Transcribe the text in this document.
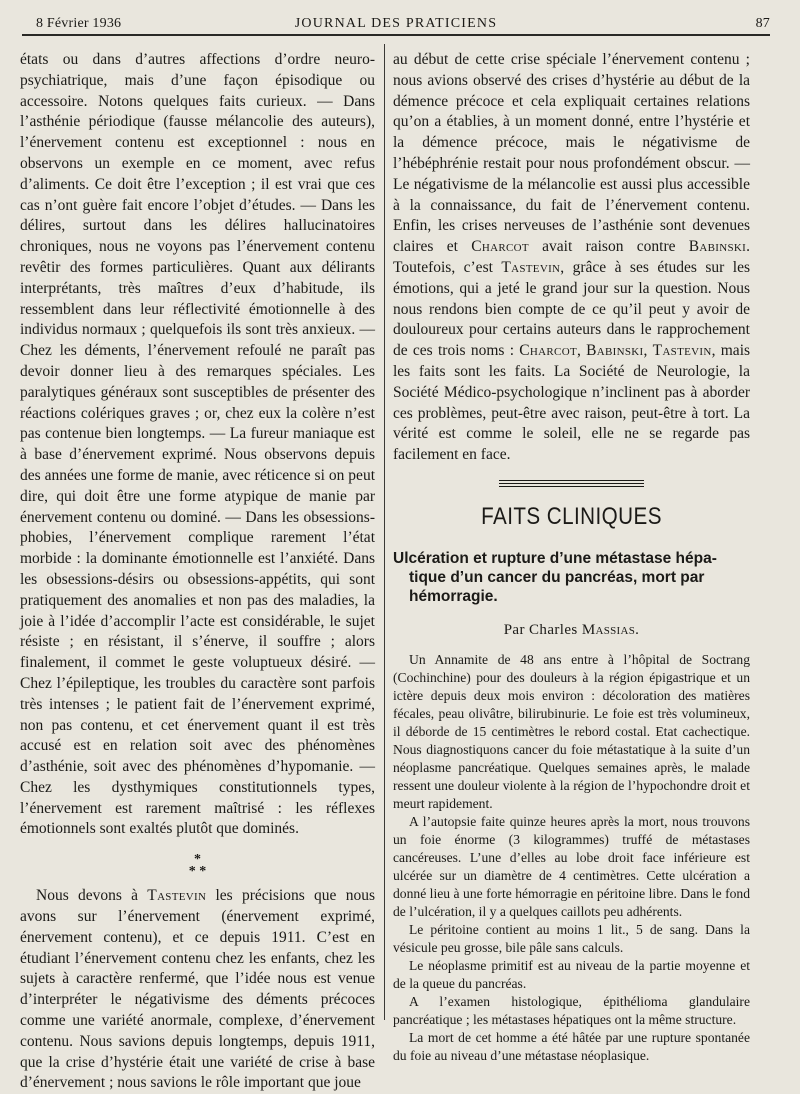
8 Février 1936	JOURNAL DES PRATICIENS	87

états ou dans d’autres affections d’ordre neuro-psychiatrique, mais d’une façon épisodique ou accessoire. Notons quelques faits curieux. — Dans l’asthénie périodique (fausse mélancolie des auteurs), l’énervement contenu est exceptionnel : nous en observons un exemple en ce moment, avec refus d’aliments. Ce doit être l’exception ; il est vrai que ces cas n’ont guère fait encore l’objet d’études. — Dans les délires, surtout dans les délires hallucinatoires chroniques, nous ne voyons pas l’énervement contenu revêtir des formes particulières. Quant aux délirants interprétants, très maîtres d’eux d’habitude, ils ressemblent dans leur réflectivité émotionnelle à des individus normaux ; quelquefois ils sont très anxieux. — Chez les déments, l’énervement refoulé ne paraît pas devoir donner lieu à des remarques spéciales. Les paralytiques généraux sont susceptibles de présenter des réactions colériques graves ; or, chez eux la colère n’est pas contenue bien longtemps. — La fureur maniaque est à base d’énervement exprimé. Nous observons depuis des années une forme de manie, avec réticence si on peut dire, qui doit être une forme atypique de manie par énervement contenu ou dominé. — Dans les obsessions-phobies, l’énervement complique rarement l’état morbide : la dominante émotionnelle est l’anxiété. Dans les obsessions-désirs ou obsessions-appétits, qui sont pratiquement des anomalies et non pas des maladies, la joie à l’idée d’accomplir l’acte est considérable, le sujet résiste ; en résistant, il s’énerve, il souffre ; alors finalement, il commet le geste voluptueux désiré. — Chez l’épileptique, les troubles du caractère sont parfois très intenses ; le patient fait de l’énervement exprimé, non pas contenu, et cet énervement quant il est très accusé est en relation soit avec des phénomènes d’asthénie, soit avec des phénomènes d’hypomanie. — Chez les dysthymiques constitutionnels types, l’énervement est rarement maîtrisé : les réflexes émotionnels sont exaltés plutôt que dominés.

*
* *

Nous devons à Tastevin les précisions que nous avons sur l’énervement (énervement exprimé, énervement contenu), et ce depuis 1911. C’est en étudiant l’énervement contenu chez les enfants, chez les sujets à caractère renfermé, que l’idée nous est venue d’interpréter le négativisme des déments précoces comme une variété anormale, complexe, d’énervement contenu. Nous savions depuis longtemps, depuis 1911, que la crise d’hystérie était une variété de crise à base d’énervement ; nous savions le rôle important que joue

au début de cette crise spéciale l’énervement contenu ; nous avions observé des crises d’hystérie au début de la démence précoce et cela expliquait certaines relations qu’on a établies, à un moment donné, entre l’hystérie et la démence précoce, mais le négativisme de l’hébéphrénie restait pour nous profondément obscur. — Le négativisme de la mélancolie est aussi plus accessible à la connaissance, du fait de l’énervement contenu. Enfin, les crises nerveuses de l’asthénie sont devenues claires et Charcot avait raison contre Babinski. Toutefois, c’est Tastevin, grâce à ses études sur les émotions, qui a jeté le grand jour sur la question. Nous nous rendons bien compte de ce qu’il peut y avoir de douloureux pour certains auteurs dans le rapprochement de ces trois noms : Charcot, Babinski, Tastevin, mais les faits sont les faits. La Société de Neurologie, la Société Médico-psychologique n’inclinent pas à aborder ces problèmes, peut-être avec raison, peut-être à tort. La vérité est comme le soleil, elle ne se regarde pas facilement en face.

FAITS CLINIQUES
Ulcération et rupture d’une métastase hépa-
tique d’un cancer du pancréas, mort par
hémorragie.
Par Charles Massias.

Un Annamite de 48 ans entre à l’hôpital de Soctrang (Cochinchine) pour des douleurs à la région épigastrique et un ictère depuis deux mois environ : décoloration des matières fécales, peau olivâtre, bilirubinurie. Le foie est très volumineux, il déborde de 15 centimètres le rebord costal. Etat cachectique. Nous diagnostiquons cancer du foie métastatique à la suite d’un néoplasme pancréatique. Quelques semaines après, le malade ressent une douleur violente à la région de l’hypochondre droit et meurt rapidement.

A l’autopsie faite quinze heures après la mort, nous trouvons un foie énorme (3 kilogrammes) truffé de métastases cancéreuses. L’une d’elles au lobe droit face inférieure est ulcérée sur un diamètre de 4 centimètres. Cette ulcération a donné lieu à une forte hémorragie en péritoine libre. Dans le fond de l’ulcération, il y a quelques caillots peu adhérents.

Le péritoine contient au moins 1 lit., 5 de sang. Dans la vésicule peu grosse, bile pâle sans calculs.

Le néoplasme primitif est au niveau de la partie moyenne et de la queue du pancréas.

A l’examen histologique, épithélioma glandulaire pancréatique ; les métastases hépatiques ont la même structure.

La mort de cet homme a été hâtée par une rupture spontanée du foie au niveau d’une métastase néoplasique.
